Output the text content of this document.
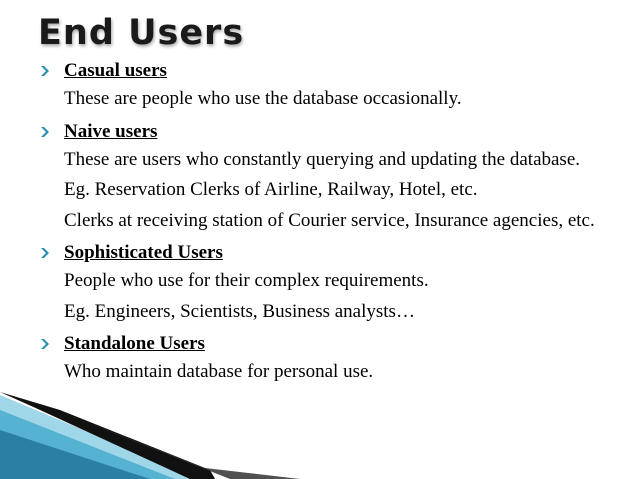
End Users
Casual users
These are people who use the database occasionally.
Naive users
These are users who constantly querying and updating the database.
Eg. Reservation Clerks of Airline, Railway, Hotel, etc.
Clerks at receiving station of Courier service, Insurance agencies, etc.
Sophisticated Users
People who use for their complex requirements.
Eg. Engineers, Scientists, Business analysts…
Standalone Users
Who maintain database for personal use.
